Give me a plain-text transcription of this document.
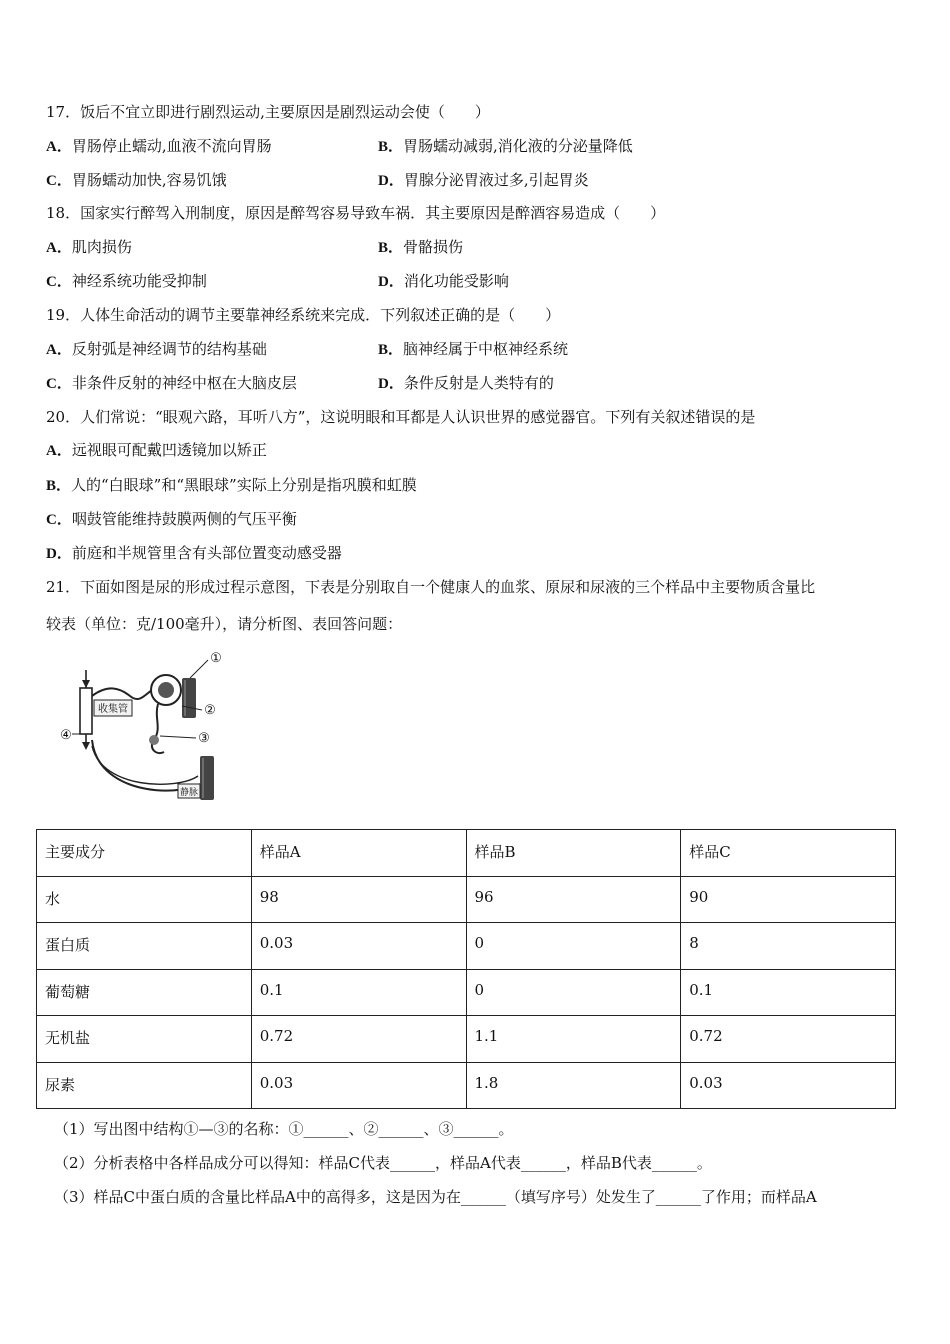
17．饭后不宜立即进行剧烈运动,主要原因是剧烈运动会使（　　）
A．胃肠停止蠕动,血液不流向胃肠	B．胃肠蠕动减弱,消化液的分泌量降低
C．胃肠蠕动加快,容易饥饿	D．胃腺分泌胃液过多,引起胃炎
18．国家实行醉驾入刑制度，原因是醉驾容易导致车祸．其主要原因是醉酒容易造成（　　）
A．肌肉损伤	B．骨骼损伤
C．神经系统功能受抑制	D．消化功能受影响
19．人体生命活动的调节主要靠神经系统来完成．下列叙述正确的是（　　）
A．反射弧是神经调节的结构基础	B．脑神经属于中枢神经系统
C．非条件反射的神经中枢在大脑皮层	D．条件反射是人类特有的
20．人们常说：“眼观六路，耳听八方”，这说明眼和耳都是人认识世界的感觉器官。下列有关叙述错误的是
A．远视眼可配戴凹透镜加以矫正
B．人的“白眼球”和“黑眼球”实际上分别是指巩膜和虹膜
C．咽鼓管能维持鼓膜两侧的气压平衡
D．前庭和半规管里含有头部位置变动感受器
21．下面如图是尿的形成过程示意图，下表是分别取自一个健康人的血浆、原尿和尿液的三个样品中主要物质含量比
较表（单位：克/100毫升），请分析图、表回答问题：
收集管
静脉
①
②
③
④
主要成分	样品A	样品B	样品C
水	98	96	90
蛋白质	0.03	0	8
葡萄糖	0.1	0	0.1
无机盐	0.72	1.1	0.72
尿素	0.03	1.8	0.03
（1）写出图中结构①—③的名称：①______、②______、③______。
（2）分析表格中各样品成分可以得知：样品C代表______，样品A代表______，样品B代表______。
（3）样品C中蛋白质的含量比样品A中的高得多，这是因为在______（填写序号）处发生了______了作用；而样品A
